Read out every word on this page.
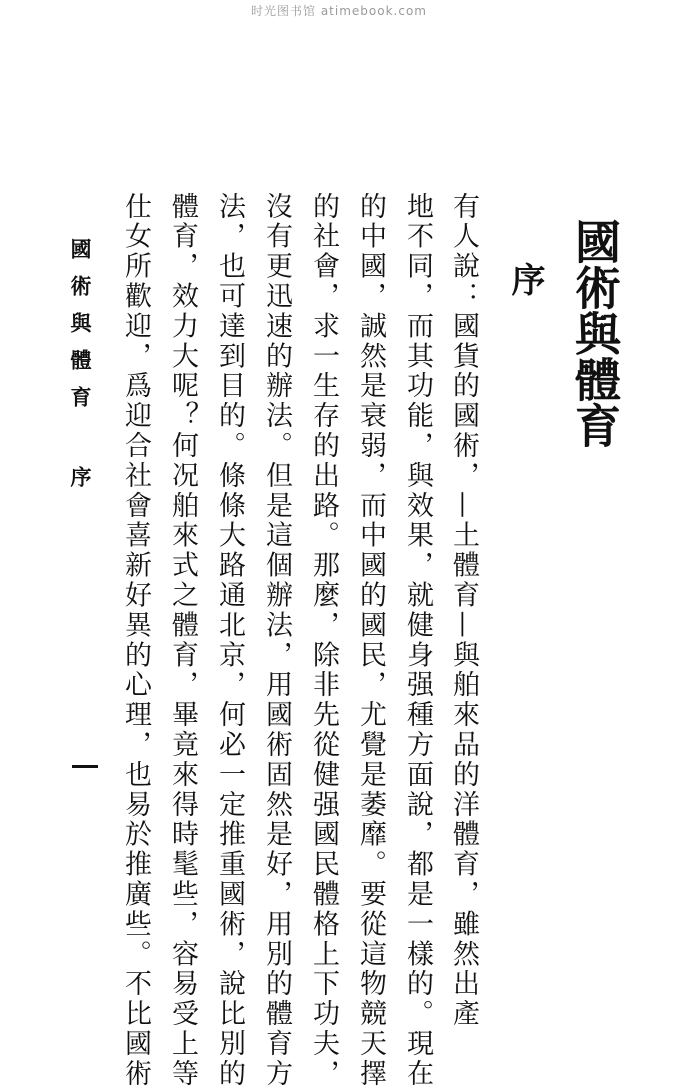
时光图书馆 atimebook.com
國術與體育
序
有人說：國貨的國術，—土體育—與舶來品的洋體育，雖然出產
地不同，而其功能，與效果，就健身强種方面說，都是一樣的。現在
的中國，誠然是衰弱，而中國的國民，尤覺是萎靡。要從這物競天擇
的社會，求一生存的出路。那麼，除非先從健强國民體格上下功夫，
沒有更迅速的辦法。但是這個辦法，用國術固然是好，用別的體育方
法，也可達到目的。條條大路通北京，何必一定推重國術，說比別的
體育，效力大呢？何况舶來式之體育，畢竟來得時髦些，容易受上等
仕女所歡迎，爲迎合社會喜新好異的心理，也易於推廣些。不比國術
國術與體育
序
